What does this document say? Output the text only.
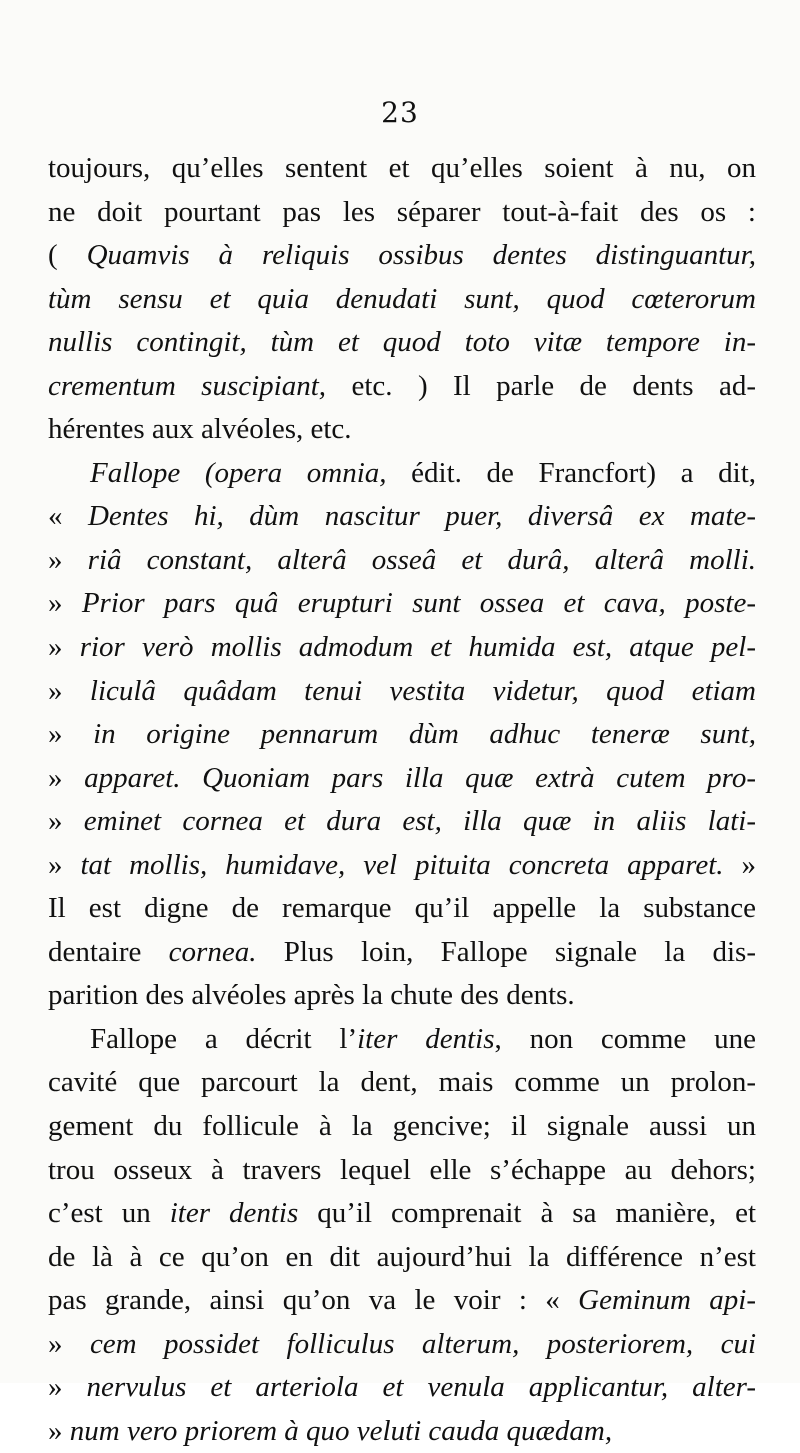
23
toujours, qu’elles sentent et qu’elles soient à nu, on
ne doit pourtant pas les séparer tout-à-fait des os :
( Quamvis à reliquis ossibus dentes distinguantur,
tùm sensu et quia denudati sunt, quod cœterorum
nullis contingit, tùm et quod toto vitæ tempore in-
crementum suscipiant, etc. ) Il parle de dents ad-
hérentes aux alvéoles, etc.
Fallope (opera omnia, édit. de Francfort) a dit,
« Dentes hi, dùm nascitur puer, diversâ ex mate-
» riâ constant, alterâ osseâ et durâ, alterâ molli.
» Prior pars quâ erupturi sunt ossea et cava, poste-
» rior verò mollis admodum et humida est, atque pel-
» liculâ quâdam tenui vestita videtur, quod etiam
» in origine pennarum dùm adhuc teneræ sunt,
» apparet. Quoniam pars illa quæ extrà cutem pro-
» eminet cornea et dura est, illa quæ in aliis lati-
» tat mollis, humidave, vel pituita concreta apparet. »
Il est digne de remarque qu’il appelle la substance
dentaire cornea. Plus loin, Fallope signale la dis-
parition des alvéoles après la chute des dents.
Fallope a décrit l’iter dentis, non comme une
cavité que parcourt la dent, mais comme un prolon-
gement du follicule à la gencive; il signale aussi un
trou osseux à travers lequel elle s’échappe au dehors;
c’est un iter dentis qu’il comprenait à sa manière, et
de là à ce qu’on en dit aujourd’hui la différence n’est
pas grande, ainsi qu’on va le voir : « Geminum api-
» cem possidet folliculus alterum, posteriorem, cui
» nervulus et arteriola et venula applicantur, alter-
» num vero priorem à quo veluti cauda quædam,
